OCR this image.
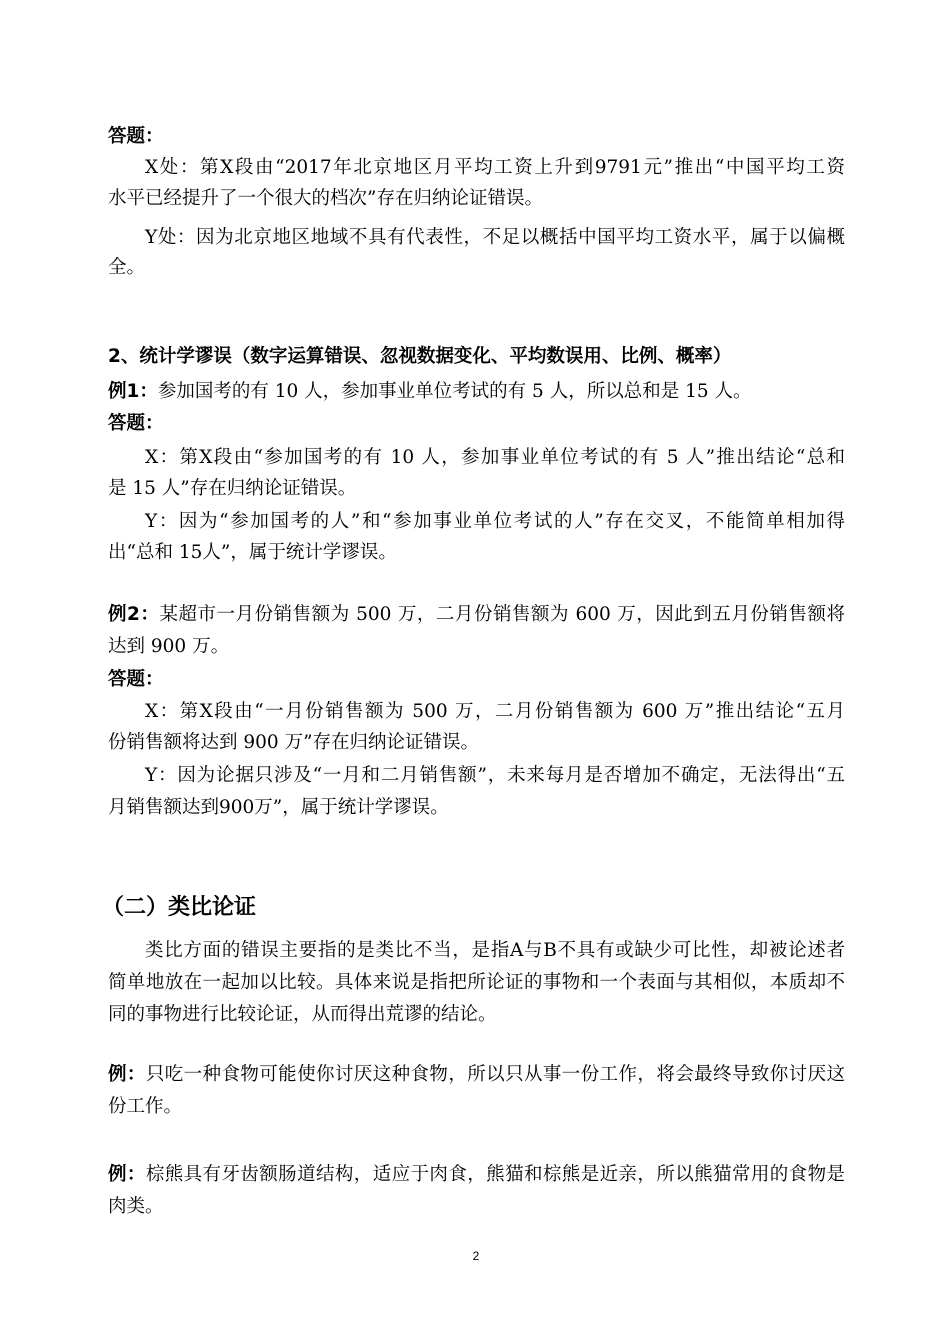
答题：
X处：第X段由“2017年北京地区月平均工资上升到9791元”推出“中国平均工资
水平已经提升了一个很大的档次”存在归纳论证错误。
Y处：因为北京地区地域不具有代表性，不足以概括中国平均工资水平，属于以偏概
全。
2、统计学谬误（数字运算错误、忽视数据变化、平均数误用、比例、概率）
例1：参加国考的有 10 人，参加事业单位考试的有 5 人，所以总和是 15 人。
答题：
X：第X段由“参加国考的有 10 人，参加事业单位考试的有 5 人”推出结论“总和
是 15 人”存在归纳论证错误。
Y：因为“参加国考的人”和“参加事业单位考试的人”存在交叉，不能简单相加得
出“总和 15人”，属于统计学谬误。
例2：某超市一月份销售额为 500 万，二月份销售额为 600 万，因此到五月份销售额将
达到 900 万。
答题：
X：第X段由“一月份销售额为 500 万，二月份销售额为 600 万”推出结论“五月
份销售额将达到 900 万”存在归纳论证错误。
Y：因为论据只涉及“一月和二月销售额”，未来每月是否增加不确定，无法得出“五
月销售额达到900万”，属于统计学谬误。
（二）类比论证
类比方面的错误主要指的是类比不当，是指A与B不具有或缺少可比性，却被论述者
简单地放在一起加以比较。具体来说是指把所论证的事物和一个表面与其相似，本质却不
同的事物进行比较论证，从而得出荒谬的结论。
例：只吃一种食物可能使你讨厌这种食物，所以只从事一份工作，将会最终导致你讨厌这
份工作。
例：棕熊具有牙齿额肠道结构，适应于肉食，熊猫和棕熊是近亲，所以熊猫常用的食物是
肉类。
2
